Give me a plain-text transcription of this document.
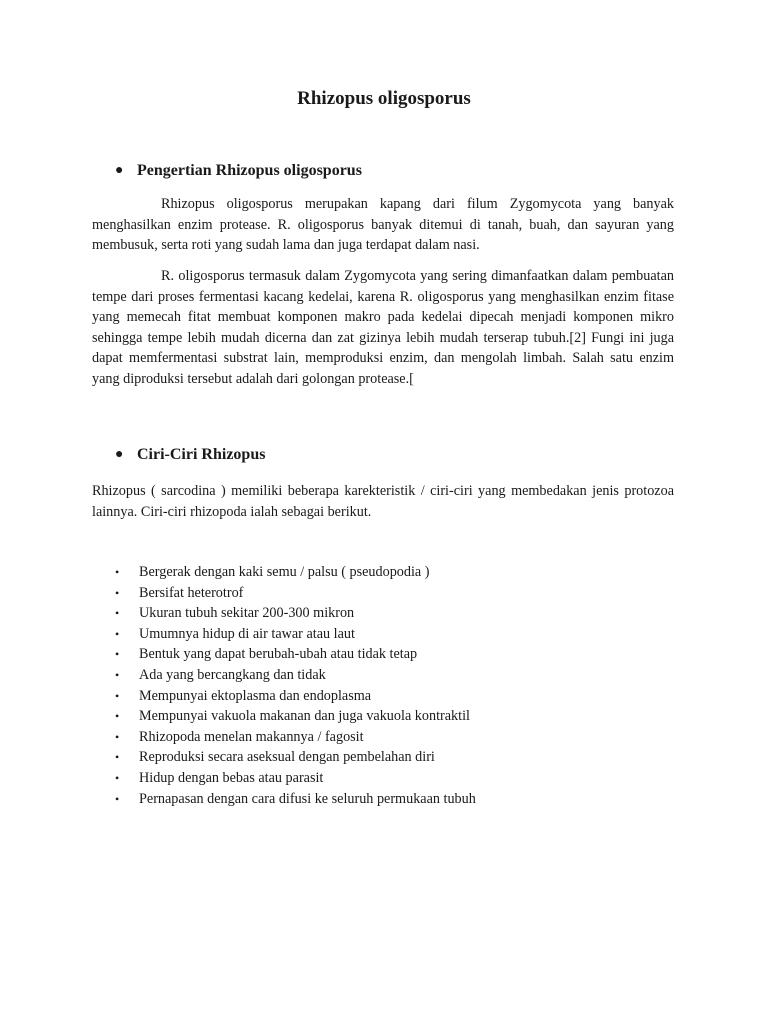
Rhizopus oligosporus
● Pengertian Rhizopus oligosporus
Rhizopus oligosporus merupakan kapang dari filum Zygomycota yang banyak menghasilkan enzim protease. R. oligosporus banyak ditemui di tanah, buah, dan sayuran yang membusuk, serta roti yang sudah lama dan juga terdapat dalam nasi.
R. oligosporus termasuk dalam Zygomycota yang sering dimanfaatkan dalam pembuatan tempe dari proses fermentasi kacang kedelai, karena R. oligosporus yang menghasilkan enzim fitase yang memecah fitat membuat komponen makro pada kedelai dipecah menjadi komponen mikro sehingga tempe lebih mudah dicerna dan zat gizinya lebih mudah terserap tubuh.[2] Fungi ini juga dapat memfermentasi substrat lain, memproduksi enzim, dan mengolah limbah. Salah satu enzim yang diproduksi tersebut adalah dari golongan protease.[
● Ciri-Ciri Rhizopus
Rhizopus ( sarcodina ) memiliki beberapa karekteristik / ciri-ciri yang membedakan jenis protozoa lainnya. Ciri-ciri rhizopoda ialah sebagai berikut.
•	Bergerak dengan kaki semu / palsu ( pseudopodia )
•	Bersifat heterotrof
•	Ukuran tubuh sekitar 200-300 mikron
•	Umumnya hidup di air tawar atau laut
•	Bentuk yang dapat berubah-ubah atau tidak tetap
•	Ada yang bercangkang dan tidak
•	Mempunyai ektoplasma dan endoplasma
•	Mempunyai vakuola makanan dan juga vakuola kontraktil
•	Rhizopoda menelan makannya / fagosit
•	Reproduksi secara aseksual dengan pembelahan diri
•	Hidup dengan bebas atau parasit
•	Pernapasan dengan cara difusi ke seluruh permukaan tubuh
